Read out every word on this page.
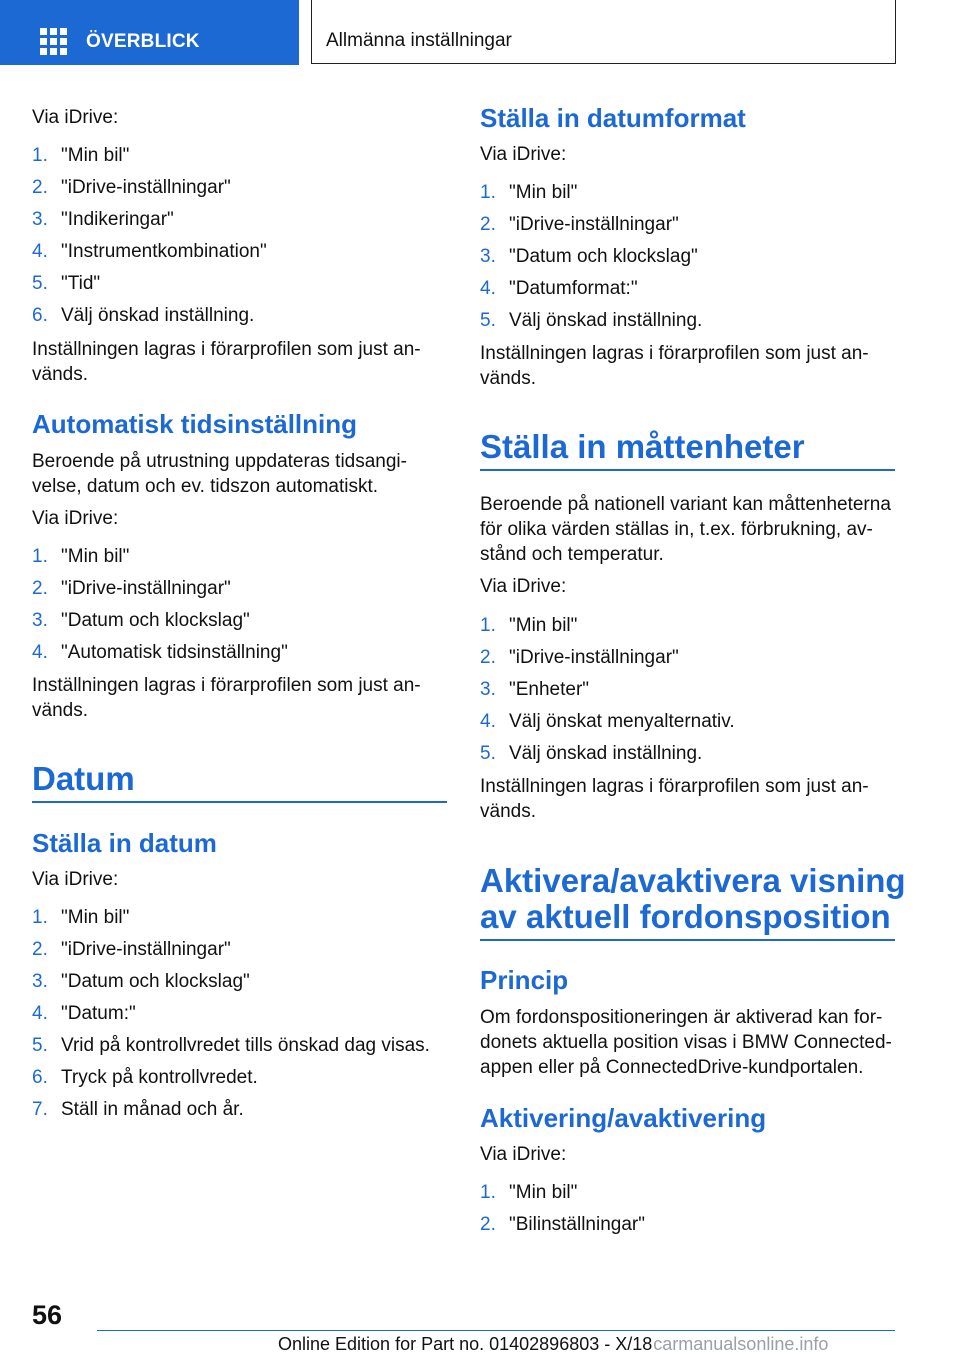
ÖVERBLICK	Allmänna inställningar
Via iDrive:
1. "Min bil"
2. "iDrive-inställningar"
3. "Indikeringar"
4. "Instrumentkombination"
5. "Tid"
6. Välj önskad inställning.
Inställningen lagras i förarprofilen som just an-
vänds.
Automatisk tidsinställning
Beroende på utrustning uppdateras tidsangi-
velse, datum och ev. tidszon automatiskt.
Via iDrive:
1. "Min bil"
2. "iDrive-inställningar"
3. "Datum och klockslag"
4. "Automatisk tidsinställning"
Inställningen lagras i förarprofilen som just an-
vänds.
Datum
Ställa in datum
Via iDrive:
1. "Min bil"
2. "iDrive-inställningar"
3. "Datum och klockslag"
4. "Datum:"
5. Vrid på kontrollvredet tills önskad dag visas.
6. Tryck på kontrollvredet.
7. Ställ in månad och år.
Ställa in datumformat
Via iDrive:
1. "Min bil"
2. "iDrive-inställningar"
3. "Datum och klockslag"
4. "Datumformat:"
5. Välj önskad inställning.
Inställningen lagras i förarprofilen som just an-
vänds.
Ställa in måttenheter
Beroende på nationell variant kan måttenheterna
för olika värden ställas in, t.ex. förbrukning, av-
stånd och temperatur.
Via iDrive:
1. "Min bil"
2. "iDrive-inställningar"
3. "Enheter"
4. Välj önskat menyalternativ.
5. Välj önskad inställning.
Inställningen lagras i förarprofilen som just an-
vänds.
Aktivera/avaktivera visning
av aktuell fordonsposition
Princip
Om fordonspositioneringen är aktiverad kan for-
donets aktuella position visas i BMW Connected-
appen eller på ConnectedDrive-kundportalen.
Aktivering/avaktivering
Via iDrive:
1. "Min bil"
2. "Bilinställningar"
56
Online Edition for Part no. 01402896803 - X/18carmanualsonline.info
